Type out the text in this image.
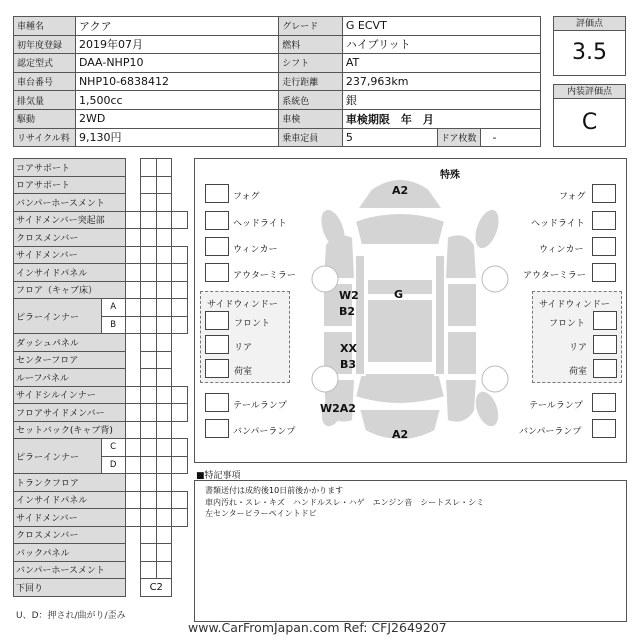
車種名	アクア	グレード	G ECVT		
初年度登録	2019年07月	燃料	ハイブリット		
認定型式	DAA-NHP10	シフト	AT		
車台番号	NHP10-6838412	走行距離	237,963km		
排気量	1,500cc	系統色	銀		
駆動	2WD	車検	車検期限　年　月		
リサイクル料	9,130円	乗車定員	5	ドア枚数	-
評価点
3.5
内装評価点
C
コアサポート					
ロアサポート					
バンパーホースメント					
サイドメンバー突起部					
クロスメンバー					
サイドメンバー					
インサイドパネル					
フロア（キャブ床）					
ピラーインナー	A				
	B				
ダッシュパネル					
センターフロア					
ルーフパネル					
サイドシルインナー					
フロアサイドメンバー					
セットバック(キャブ背)					
ピラーインナー	C				
	D				
トランクフロア					
インサイドパネル					
サイドメンバー					
クロスメンバー					
バックパネル					
バンパーホースメント					
下回り			C2		
U、D：押され/曲がり/歪み
特殊
フォグ
ヘッドライト
ウィンカー
アウターミラー
フォグ
ヘッドライト
ウィンカー
アウターミラー
サイドウィンドー
フロント
リア
荷室
サイドウィンドー
フロント
リア
荷室
テールランプ
バンパーランプ
テールランプ
バンパーランプ
A2
G
W2
B2
XX
B3
W2A2
A2
■特記事項
書類送付は成約後10日前後かかります
車内汚れ・スレ・キズ　ハンドルスレ・ハゲ　エンジン音　シートスレ・シミ
左センターピラーペイントドビ
www.CarFromJapan.com Ref: CFJ2649207
